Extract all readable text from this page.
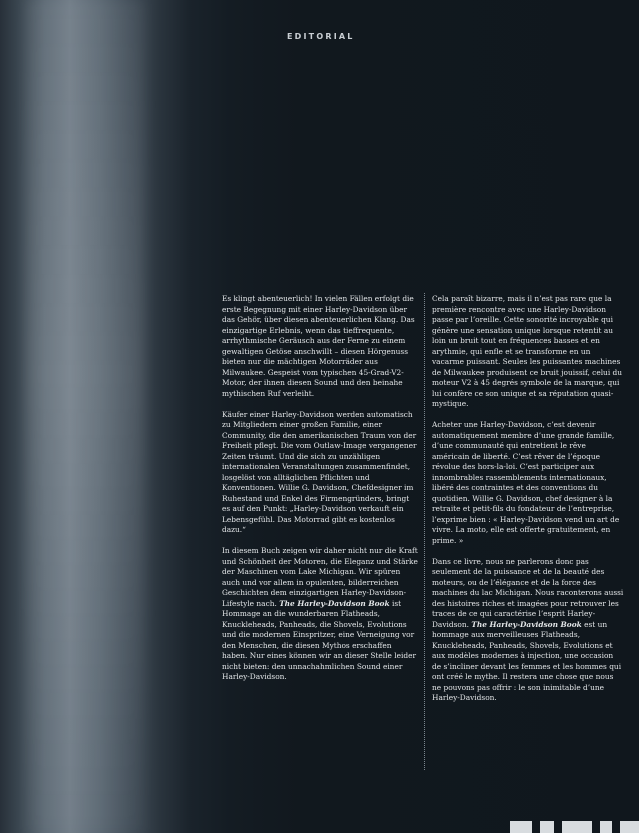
EDITORIAL

Es klingt abenteuerlich! In vielen Fällen erfolgt die erste Begegnung mit einer Harley-Davidson über das Gehör, über diesen abenteuerlichen Klang. Das einzigartige Erlebnis, wenn das tieffrequente, arrhythmische Geräusch aus der Ferne zu einem gewaltigen Getöse anschwillt – diesen Hörgenuss bieten nur die mächtigen Motorräder aus Milwaukee. Gespeist vom typischen 45-Grad-V2-Motor, der ihnen diesen Sound und den beinahe mythischen Ruf verleiht.

Käufer einer Harley-Davidson werden automatisch zu Mitgliedern einer großen Familie, einer Community, die den amerikanischen Traum von der Freiheit pflegt. Die vom Outlaw-Image vergangener Zeiten träumt. Und die sich zu unzähligen internationalen Veranstaltungen zusammenfindet, losgelöst von alltäglichen Pflichten und Konventionen. Willie G. Davidson, Chefdesigner im Ruhestand und Enkel des Firmengründers, bringt es auf den Punkt: „Harley-Davidson verkauft ein Lebensgefühl. Das Motorrad gibt es kostenlos dazu.“

In diesem Buch zeigen wir daher nicht nur die Kraft und Schönheit der Motoren, die Eleganz und Stärke der Maschinen vom Lake Michigan. Wir spüren auch und vor allem in opulenten, bilderreichen Geschichten dem einzigartigen Harley-Davidson-Lifestyle nach. The Harley-Davidson Book ist Hommage an die wunderbaren Flatheads, Knuckleheads, Panheads, die Shovels, Evolutions und die modernen Einspritzer, eine Verneigung vor den Menschen, die diesen Mythos erschaffen haben. Nur eines können wir an dieser Stelle leider nicht bieten: den unnachahmlichen Sound einer Harley-Davidson.

Cela paraît bizarre, mais il n’est pas rare que la première rencontre avec une Harley-Davidson passe par l’oreille. Cette sonorité incroyable qui génère une sensation unique lorsque retentit au loin un bruit tout en fréquences basses et en arythmie, qui enfle et se transforme en un vacarme puissant. Seules les puissantes machines de Milwaukee produisent ce bruit jouissif, celui du moteur V2 à 45 degrés symbole de la marque, qui lui confère ce son unique et sa réputation quasi-mystique.

Acheter une Harley-Davidson, c’est devenir automatiquement membre d’une grande famille, d’une communauté qui entretient le rêve américain de liberté. C’est rêver de l’époque révolue des hors-la-loi. C’est participer aux innombrables rassemblements internationaux, libéré des contraintes et des conventions du quotidien. Willie G. Davidson, chef designer à la retraite et petit-fils du fondateur de l’entreprise, l’exprime bien : « Harley-Davidson vend un art de vivre. La moto, elle est offerte gratuitement, en prime. »

Dans ce livre, nous ne parlerons donc pas seulement de la puissance et de la beauté des moteurs, ou de l’élégance et de la force des machines du lac Michigan. Nous raconterons aussi des histoires riches et imagées pour retrouver les traces de ce qui caractérise l’esprit Harley-Davidson. The Harley-Davidson Book est un hommage aux merveilleuses Flatheads, Knuckleheads, Panheads, Shovels, Evolutions et aux modèles modernes à injection, une occasion de s’incliner devant les femmes et les hommes qui ont créé le mythe. Il restera une chose que nous ne pouvons pas offrir : le son inimitable d’une Harley-Davidson.
